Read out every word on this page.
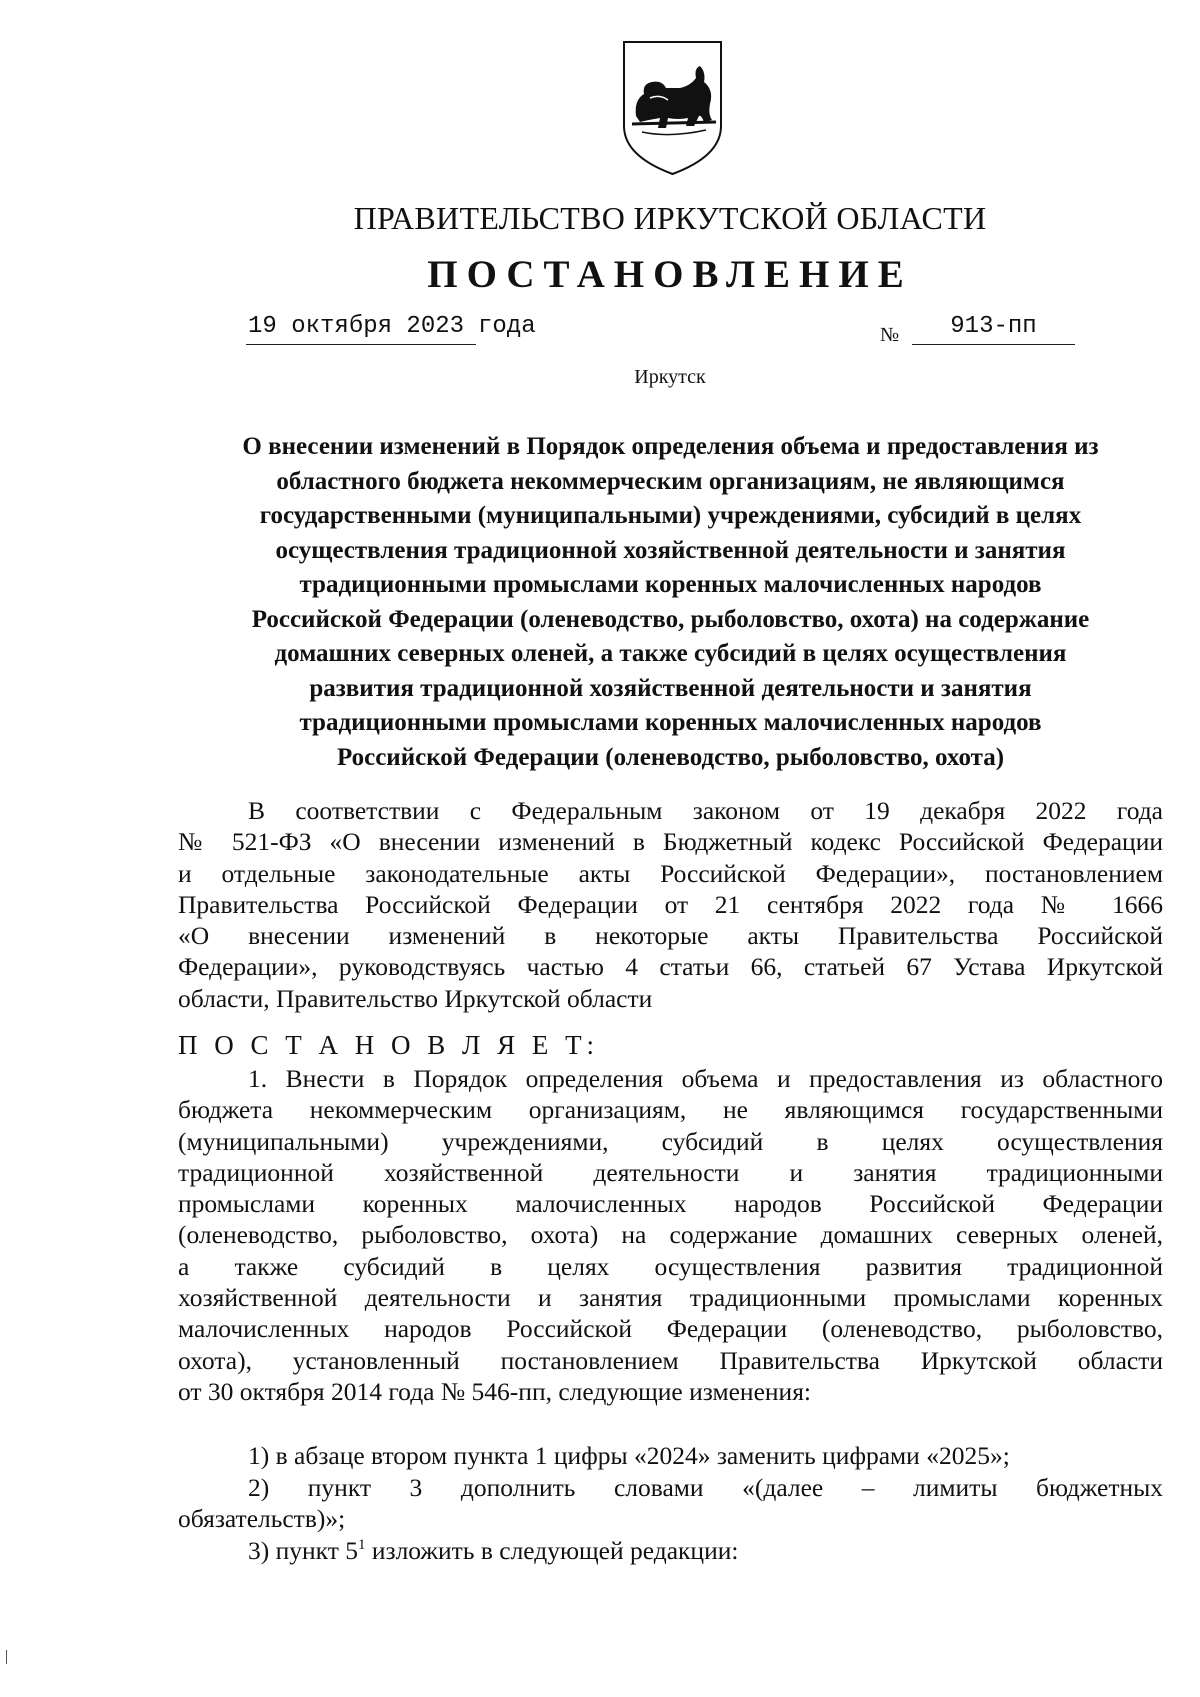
ПРАВИТЕЛЬСТВО ИРКУТСКОЙ ОБЛАСТИ
ПОСТАНОВЛЕНИЕ
19 октября 2023 года	№	913-пп
Иркутск
О внесении изменений в Порядок определения объема и предоставления из
областного бюджета некоммерческим организациям, не являющимся
государственными (муниципальными) учреждениями, субсидий в целях
осуществления традиционной хозяйственной деятельности и занятия
традиционными промыслами коренных малочисленных народов
Российской Федерации (оленеводство, рыболовство, охота) на содержание
домашних северных оленей, а также субсидий в целях осуществления
развития традиционной хозяйственной деятельности и занятия
традиционными промыслами коренных малочисленных народов
Российской Федерации (оленеводство, рыболовство, охота)
В соответствии с Федеральным законом от 19 декабря 2022 года
№ 521-ФЗ «О внесении изменений в Бюджетный кодекс Российской Федерации
и отдельные законодательные акты Российской Федерации», постановлением
Правительства Российской Федерации от 21 сентября 2022 года № 1666
«О внесении изменений в некоторые акты Правительства Российской
Федерации», руководствуясь частью 4 статьи 66, статьей 67 Устава Иркутской
области, Правительство Иркутской области
П О С Т А Н О В Л Я Е Т:
1. Внести в Порядок определения объема и предоставления из областного
бюджета некоммерческим организациям, не являющимся государственными
(муниципальными) учреждениями, субсидий в целях осуществления
традиционной хозяйственной деятельности и занятия традиционными
промыслами коренных малочисленных народов Российской Федерации
(оленеводство, рыболовство, охота) на содержание домашних северных оленей,
а также субсидий в целях осуществления развития традиционной
хозяйственной деятельности и занятия традиционными промыслами коренных
малочисленных народов Российской Федерации (оленеводство, рыболовство,
охота), установленный постановлением Правительства Иркутской области
от 30 октября 2014 года № 546-пп, следующие изменения:
1) в абзаце втором пункта 1 цифры «2024» заменить цифрами «2025»;
2) пункт 3 дополнить словами «(далее – лимиты бюджетных
обязательств)»;
3) пункт $5^1$ изложить в следующей редакции:
